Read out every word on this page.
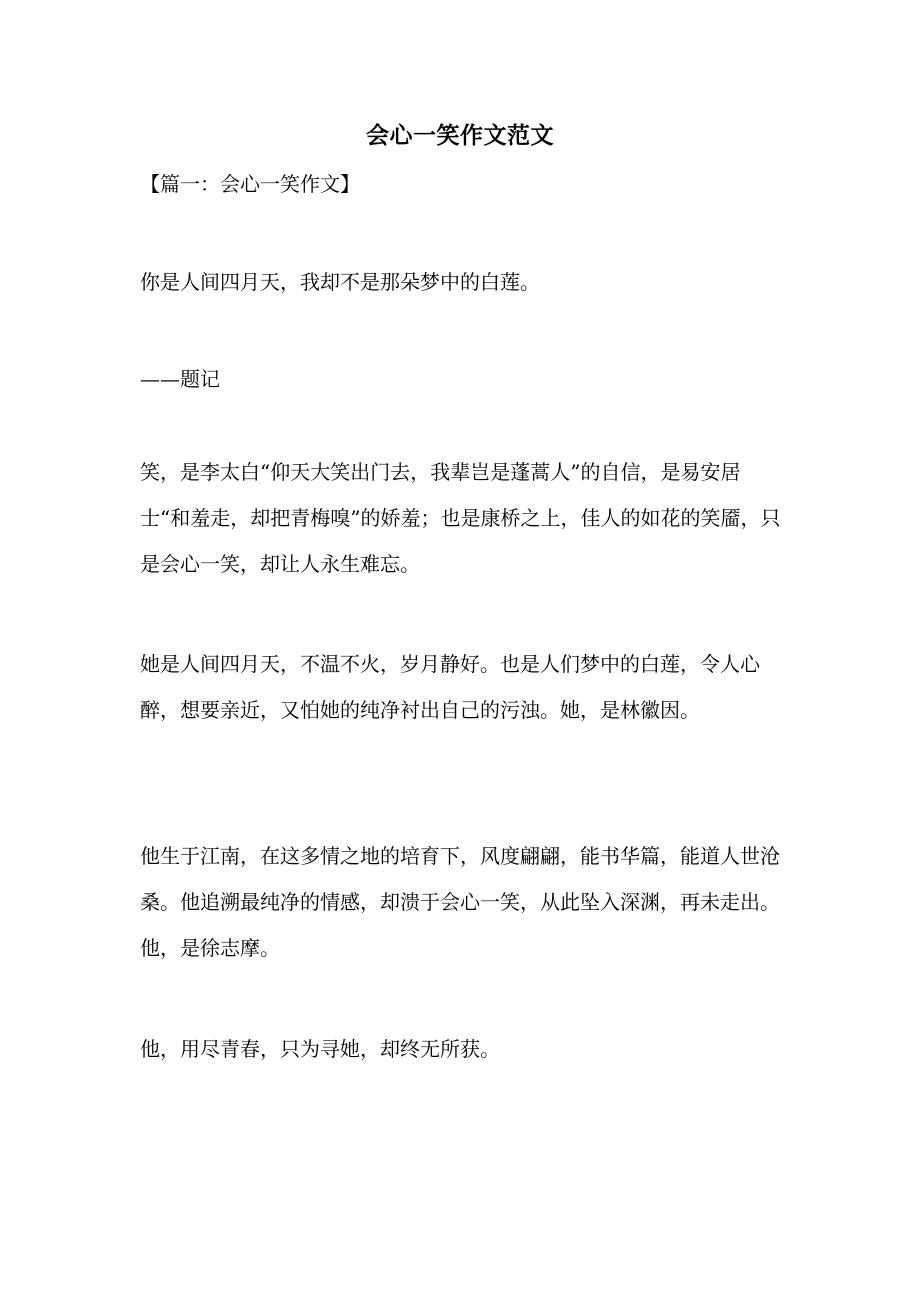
会心一笑作文范文
【篇一：会心一笑作文】

你是人间四月天，我却不是那朵梦中的白莲。

——题记

笑，是李太白“仰天大笑出门去，我辈岂是蓬蒿人”的自信，是易安居士“和羞走，却把青梅嗅”的娇羞；也是康桥之上，佳人的如花的笑靥，只是会心一笑，却让人永生难忘。

她是人间四月天，不温不火，岁月静好。也是人们梦中的白莲，令人心醉，想要亲近，又怕她的纯净衬出自己的污浊。她，是林徽因。

他生于江南，在这多情之地的培育下，风度翩翩，能书华篇，能道人世沧桑。他追溯最纯净的情感，却溃于会心一笑，从此坠入深渊，再未走出。他，是徐志摩。

他，用尽青春，只为寻她，却终无所获。
